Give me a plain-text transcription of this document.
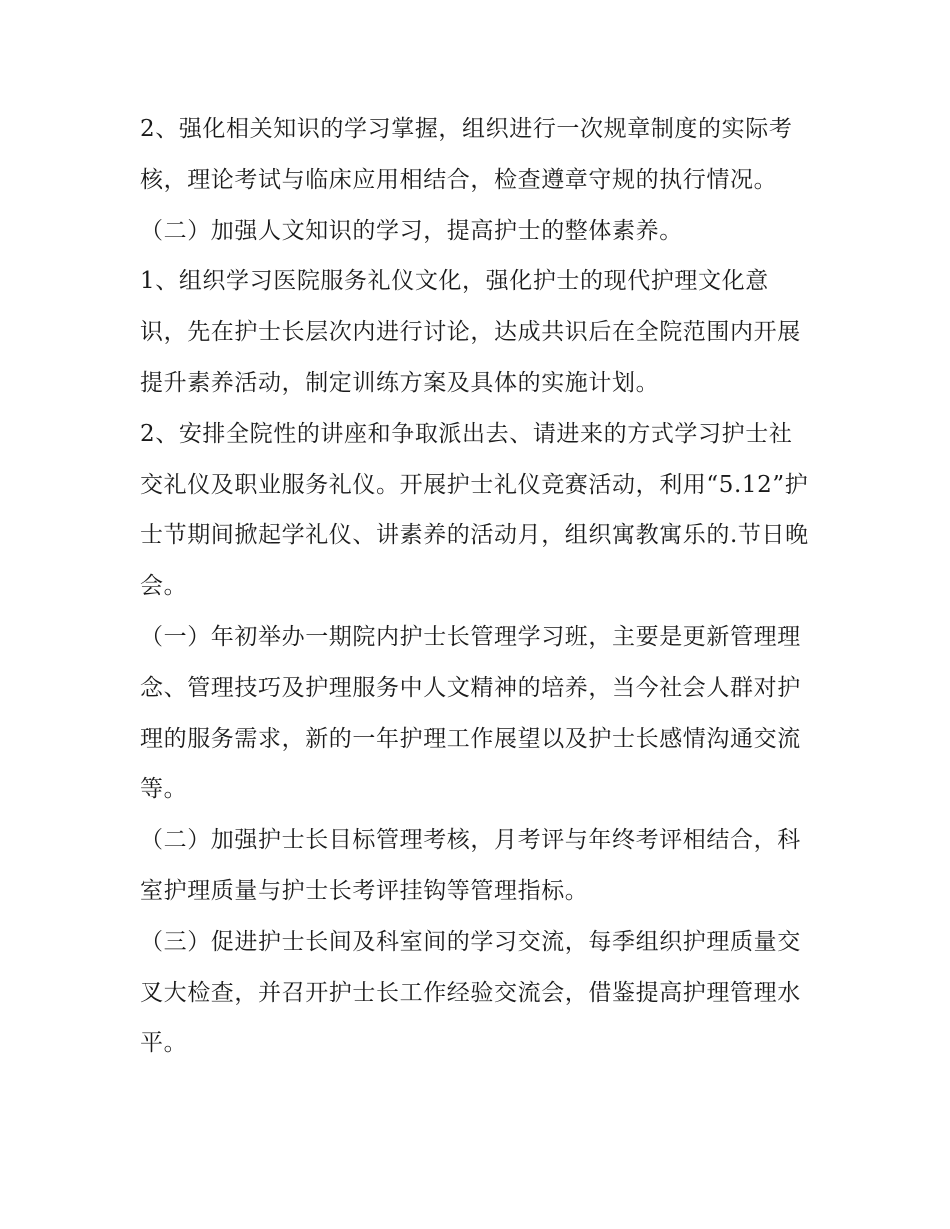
2、强化相关知识的学习掌握，组织进行一次规章制度的实际考核，理论考试与临床应用相结合，检查遵章守规的执行情况。

（二）加强人文知识的学习，提高护士的整体素养。

1、组织学习医院服务礼仪文化，强化护士的现代护理文化意识，先在护士长层次内进行讨论，达成共识后在全院范围内开展提升素养活动，制定训练方案及具体的实施计划。

2、安排全院性的讲座和争取派出去、请进来的方式学习护士社交礼仪及职业服务礼仪。开展护士礼仪竞赛活动，利用“5.12”护士节期间掀起学礼仪、讲素养的活动月，组织寓教寓乐的.节日晚会。

（一）年初举办一期院内护士长管理学习班，主要是更新管理理念、管理技巧及护理服务中人文精神的培养，当今社会人群对护理的服务需求，新的一年护理工作展望以及护士长感情沟通交流等。

（二）加强护士长目标管理考核，月考评与年终考评相结合，科室护理质量与护士长考评挂钩等管理指标。

（三）促进护士长间及科室间的学习交流，每季组织护理质量交叉大检查，并召开护士长工作经验交流会，借鉴提高护理管理水平。
